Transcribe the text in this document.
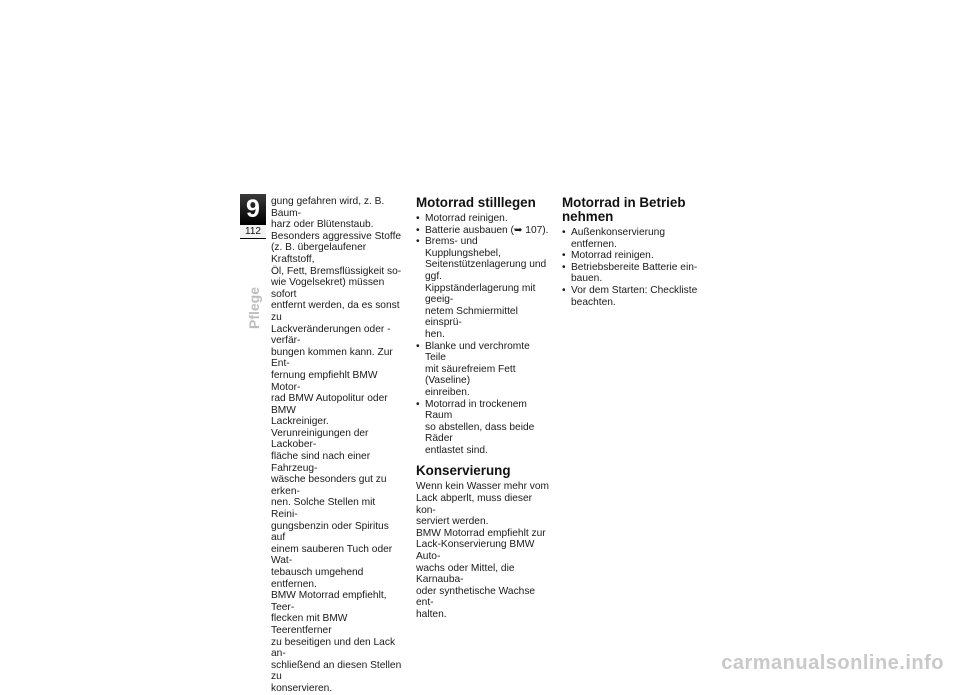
9
112
Pflege

gung gefahren wird, z. B. Baum-
harz oder Blütenstaub.
Besonders aggressive Stoffe
(z. B. übergelaufener Kraftstoff,
Öl, Fett, Bremsflüssigkeit so-
wie Vogelsekret) müssen sofort
entfernt werden, da es sonst zu
Lackveränderungen oder -verfär-
bungen kommen kann. Zur Ent-
fernung empfiehlt BMW Motor-
rad BMW Autopolitur oder BMW
Lackreiniger.
Verunreinigungen der Lackober-
fläche sind nach einer Fahrzeug-
wäsche besonders gut zu erken-
nen. Solche Stellen mit Reini-
gungsbenzin oder Spiritus auf
einem sauberen Tuch oder Wat-
tebausch umgehend entfernen.
BMW Motorrad empfiehlt, Teer-
flecken mit BMW Teerentferner
zu beseitigen und den Lack an-
schließend an diesen Stellen zu
konservieren.

Motorrad stilllegen
• Motorrad reinigen.
• Batterie ausbauen (➥ 107).
• Brems- und Kupplungshebel,
Seitenstützenlagerung und ggf.
Kippständerlagerung mit geeig-
netem Schmiermittel einsprü-
hen.
• Blanke und verchromte Teile
mit säurefreiem Fett (Vaseline)
einreiben.
• Motorrad in trockenem Raum
so abstellen, dass beide Räder
entlastet sind.
Konservierung

Wenn kein Wasser mehr vom
Lack abperlt, muss dieser kon-
serviert werden.
BMW Motorrad empfiehlt zur
Lack-Konservierung BMW Auto-
wachs oder Mittel, die Karnauba-
oder synthetische Wachse ent-
halten.

Motorrad in Betrieb
nehmen
• Außenkonservierung entfernen.
• Motorrad reinigen.
• Betriebsbereite Batterie ein-
bauen.
• Vor dem Starten: Checkliste
beachten.
carmanualsonline.info
